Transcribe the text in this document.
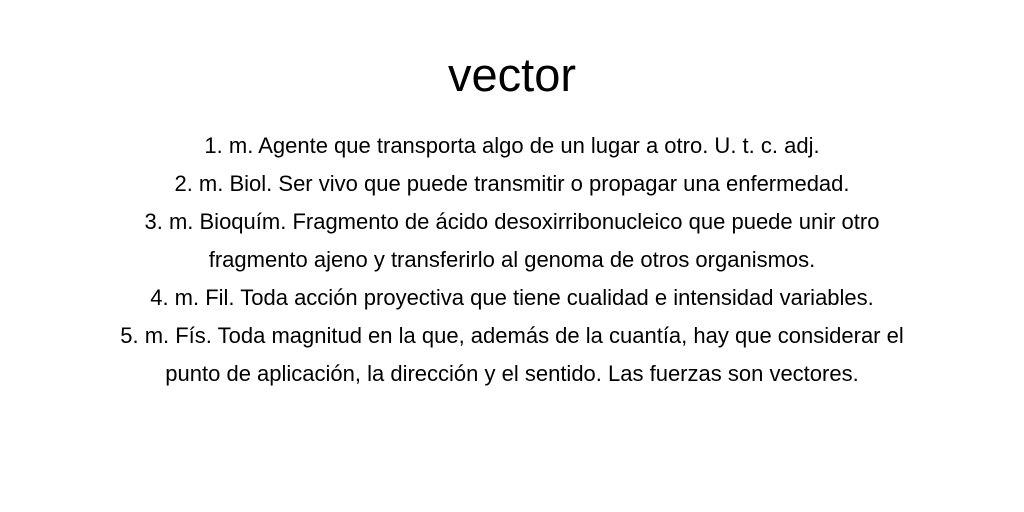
vector
1. m. Agente que transporta algo de un lugar a otro. U. t. c. adj.
2. m. Biol. Ser vivo que puede transmitir o propagar una enfermedad.
3. m. Bioquím. Fragmento de ácido desoxirribonucleico que puede unir otro
fragmento ajeno y transferirlo al genoma de otros organismos.
4. m. Fil. Toda acción proyectiva que tiene cualidad e intensidad variables.
5. m. Fís. Toda magnitud en la que, además de la cuantía, hay que considerar el
punto de aplicación, la dirección y el sentido. Las fuerzas son vectores.
